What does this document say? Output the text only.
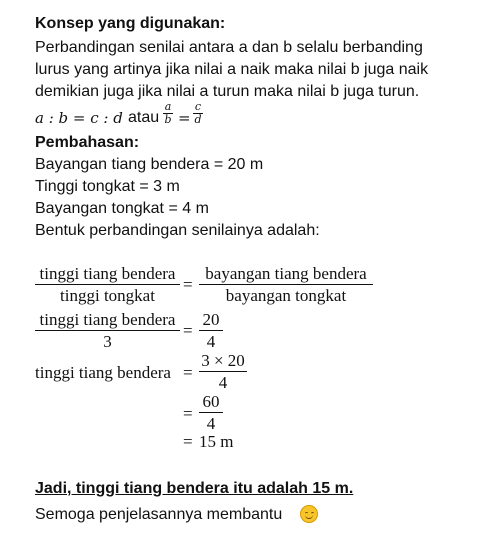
Konsep yang digunakan:
Perbandingan senilai antara a dan b selalu berbanding
lurus yang artinya jika nilai a naik maka nilai b juga naik
demikian juga jika nilai a turun maka nilai b juga turun.
a : b = c : d atau
a
b =
c
d
Pembahasan:
Bayangan tiang bendera = 20 m
Tinggi tongkat = 3 m
Bayangan tongkat = 4 m
Bentuk perbandingan senilainya adalah:
tinggi tiang bendera
tinggi tongkat
=
bayangan tiang bendera
bayangan tongkat
tinggi tiang bendera
3
=
20
4
tinggi tiang bendera =
3 × 20
4
=
60
4
= 15 m
Jadi, tinggi tiang bendera itu adalah 15 m.
Semoga penjelasannya membantu
